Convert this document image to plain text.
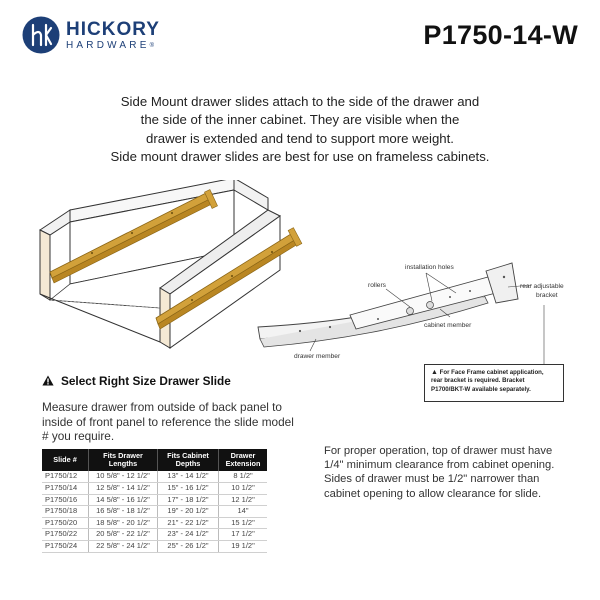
HICKORY
HARDWARE®	P1750-14-W

Side Mount drawer slides attach to the side of the drawer and

the side of the inner cabinet. They are visible when the

drawer is extended and tend to support more weight.

Side mount drawer slides are best for use on frameless cabinets.

installation holes
rollers	rear adjustable
bracket
cabinet member
drawer member
▲ For Face Frame cabinet application,
rear bracket is required. Bracket
P1700/BKT-W available separately.
Select Right Size Drawer Slide
Measure drawer from outside of back panel to inside of front panel to reference the slide model # you require.
Slide #	Fits Drawer Lengths	Fits Cabinet Depths	Drawer Extension
P1750/12	10 5/8" - 12 1/2"	13" - 14 1/2"	8 1/2"
P1750/14	12 5/8" - 14 1/2"	15" - 16 1/2"	10 1/2"
P1750/16	14 5/8" - 16 1/2"	17" - 18 1/2"	12 1/2"
P1750/18	16 5/8" - 18 1/2"	19" - 20 1/2"	14"
P1750/20	18 5/8" - 20 1/2"	21" - 22 1/2"	15 1/2"
P1750/22	20 5/8" - 22 1/2"	23" - 24 1/2"	17 1/2"
P1750/24	22 5/8" - 24 1/2"	25" - 26 1/2"	19 1/2"
For proper operation, top of drawer must have 1/4" minimum clearance from cabinet opening. Sides of drawer must be 1/2" narrower than cabinet opening to allow clearance for slide.
